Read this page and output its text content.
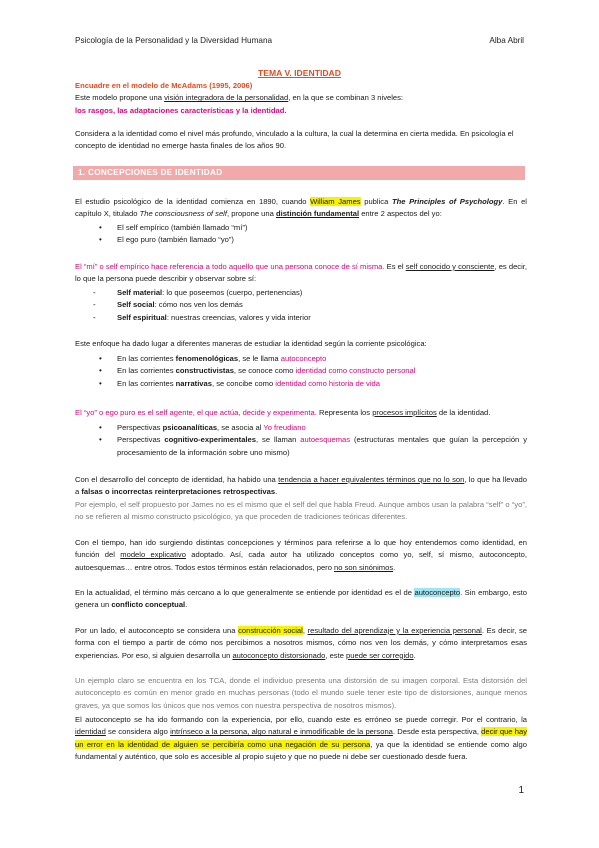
Psicología de la Personalidad y la Diversidad Humana	Alba Abril
TEMA V. IDENTIDAD
Encuadre en el modelo de McAdams (1995, 2006)
Este modelo propone una visión integradora de la personalidad, en la que se combinan 3 niveles:
los rasgos, las adaptaciones características y la identidad.
Considera a la identidad como el nivel más profundo, vinculado a la cultura, la cual la determina en cierta medida. En psicología el concepto de identidad no emerge hasta finales de los años 90.
1. CONCEPCIONES DE IDENTIDAD
El estudio psicológico de la identidad comienza en 1890, cuando William James publica The Principles of Psychology. En el capítulo X, titulado The consciousness of self, propone una distinción fundamental entre 2 aspectos del yo:
• El self empírico (también llamado “mí”)
• El ego puro (también llamado “yo”)
El “mí” o self empírico hace referencia a todo aquello que una persona conoce de sí misma. Es el self conocido y consciente, es decir, lo que la persona puede describir y observar sobre sí:
- Self material: lo que poseemos (cuerpo, pertenencias)
- Self social: cómo nos ven los demás
- Self espiritual: nuestras creencias, valores y vida interior
Este enfoque ha dado lugar a diferentes maneras de estudiar la identidad según la corriente psicológica:
• En las corrientes fenomenológicas, se le llama autoconcepto
• En las corrientes constructivistas, se conoce como identidad como constructo personal
• En las corrientes narrativas, se concibe como identidad como historia de vida
El “yo” o ego puro es el self agente, el que actúa, decide y experimenta. Representa los procesos implícitos de la identidad.
• Perspectivas psicoanalíticas, se asocia al Yo freudiano
• Perspectivas cognitivo-experimentales, se llaman autoesquemas (estructuras mentales que guían la percepción y procesamiento de la información sobre uno mismo)
Con el desarrollo del concepto de identidad, ha habido una tendencia a hacer equivalentes términos que no lo son, lo que ha llevado a falsas o incorrectas reinterpretaciones retrospectivas.
Por ejemplo, el self propuesto por James no es el mismo que el self del que habla Freud. Aunque ambos usan la palabra “self” o “yo”, no se refieren al mismo constructo psicológico, ya que proceden de tradiciones teóricas diferentes.
Con el tiempo, han ido surgiendo distintas concepciones y términos para referirse a lo que hoy entendemos como identidad, en función del modelo explicativo adoptado. Así, cada autor ha utilizado conceptos como yo, self, sí mismo, autoconcepto, autoesquemas… entre otros. Todos estos términos están relacionados, pero no son sinónimos.
En la actualidad, el término más cercano a lo que generalmente se entiende por identidad es el de autoconcepto. Sin embargo, esto genera un conflicto conceptual.
Por un lado, el autoconcepto se considera una construcción social, resultado del aprendizaje y la experiencia personal. Es decir, se forma con el tiempo a partir de cómo nos percibimos a nosotros mismos, cómo nos ven los demás, y cómo interpretamos esas experiencias. Por eso, si alguien desarrolla un autoconcepto distorsionado, este puede ser corregido.
Un ejemplo claro se encuentra en los TCA, donde el individuo presenta una distorsión de su imagen corporal. Esta distorsión del autoconcepto es común en menor grado en muchas personas (todo el mundo suele tener este tipo de distorsiones, aunque menos graves, ya que somos los únicos que nos vemos con nuestra perspectiva de nosotros mismos).
El autoconcepto se ha ido formando con la experiencia, por ello, cuando este es erróneo se puede corregir. Por el contrario, la identidad se considera algo intrínseco a la persona, algo natural e inmodificable de la persona. Desde esta perspectiva, decir que hay un error en la identidad de alguien se percibiría como una negación de su persona, ya que la identidad se entiende como algo fundamental y auténtico, que solo es accesible al propio sujeto y que no puede ni debe ser cuestionado desde fuera.
1
